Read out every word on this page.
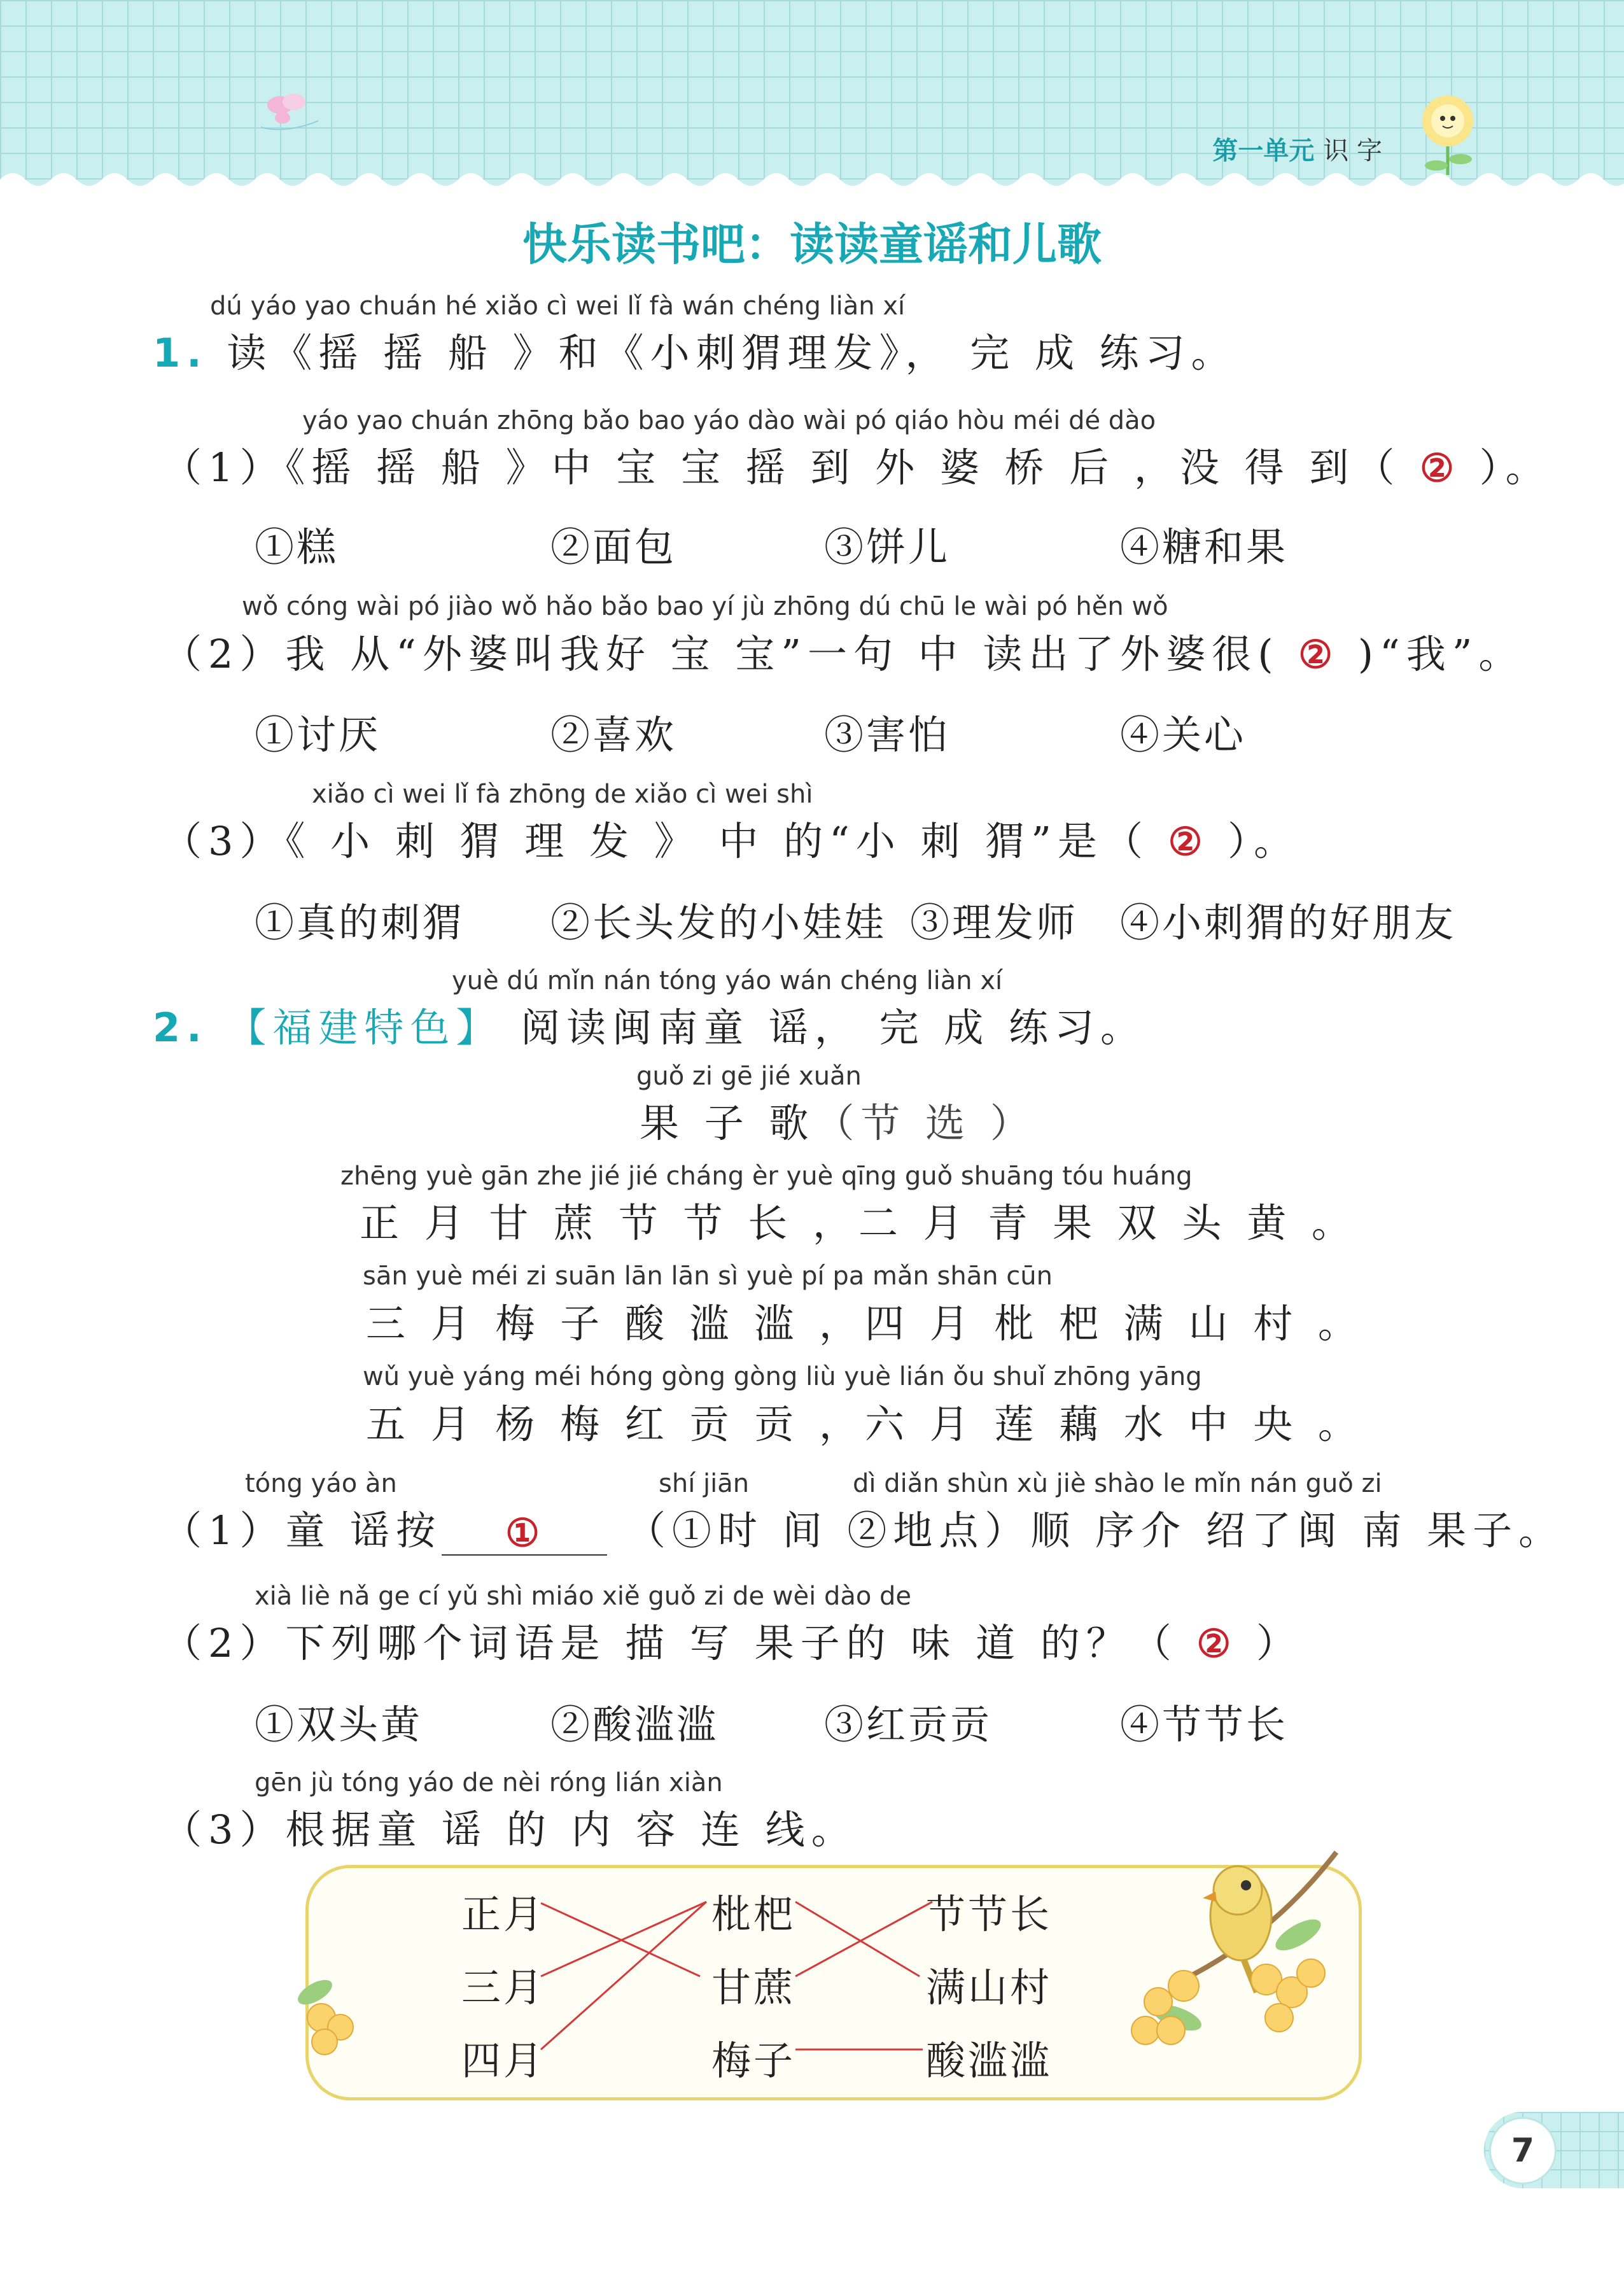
第一单元 识 字
快乐读书吧：读读童谣和儿歌
dú yáo yao chuán hé xiǎo cì wei lǐ fà wán chéng liàn xí
1. 读《摇 摇 船 》和《小刺猬理发》， 完 成 练习。
yáo yao chuán zhōng bǎo bao yáo dào wài pó qiáo hòu méi dé dào
（1）《摇 摇 船 》中 宝 宝 摇 到 外 婆 桥 后 ，没 得 到（ ② ）。
①糕	②面包	③饼儿	④糖和果
wǒ cóng wài pó jiào wǒ hǎo bǎo bao yí jù zhōng dú chū le wài pó hěn wǒ
（2）我 从“外婆叫我好 宝 宝”一句 中 读出了外婆很( ② )“我”。
①讨厌	②喜欢	③害怕	④关心
xiǎo cì wei lǐ fà zhōng de xiǎo cì wei shì
（3）《 小 刺 猬 理 发 》 中 的“小 刺 猬”是（ ② ）。
①真的刺猬 ②长头发的小娃娃 ③理发师 ④小刺猬的好朋友
yuè dú mǐn nán tóng yáo wán chéng liàn xí
2. 【福建特色】 阅读闽南童 谣， 完 成 练习。
guǒ zi gē jié xuǎn
果 子 歌（节 选 ）
zhēng yuè gān zhe jié jié cháng èr yuè qīng guǒ shuāng tóu huáng
正 月 甘 蔗 节 节 长 ，二 月 青 果 双 头 黄 。
sān yuè méi zi suān lān lān sì yuè pí pa mǎn shān cūn
三 月 梅 子 酸 滥 滥 ，四 月 枇 杷 满 山 村 。
wǔ yuè yáng méi hóng gòng gòng liù yuè lián ǒu shuǐ zhōng yāng
五 月 杨 梅 红 贡 贡 ，六 月 莲 藕 水 中 央 。
tóng yáo àn	shí jiān	dì diǎn shùn xù jiè shào le mǐn nán guǒ zi
（1）童 谣按 ① （①时 间 ②地点）顺 序介 绍了闽 南 果子。
xià liè nǎ ge cí yǔ shì miáo xiě guǒ zi de wèi dào de
（2）下列哪个词语是 描 写 果子的 味 道 的？（ ② ）
①双头黄	②酸滥滥	③红贡贡	④节节长
gēn jù tóng yáo de nèi róng lián xiàn
（3）根据童 谣 的 内 容 连 线。
正月
三月
四月
枇杷
甘蔗
梅子
节节长
满山村
酸滥滥
7
